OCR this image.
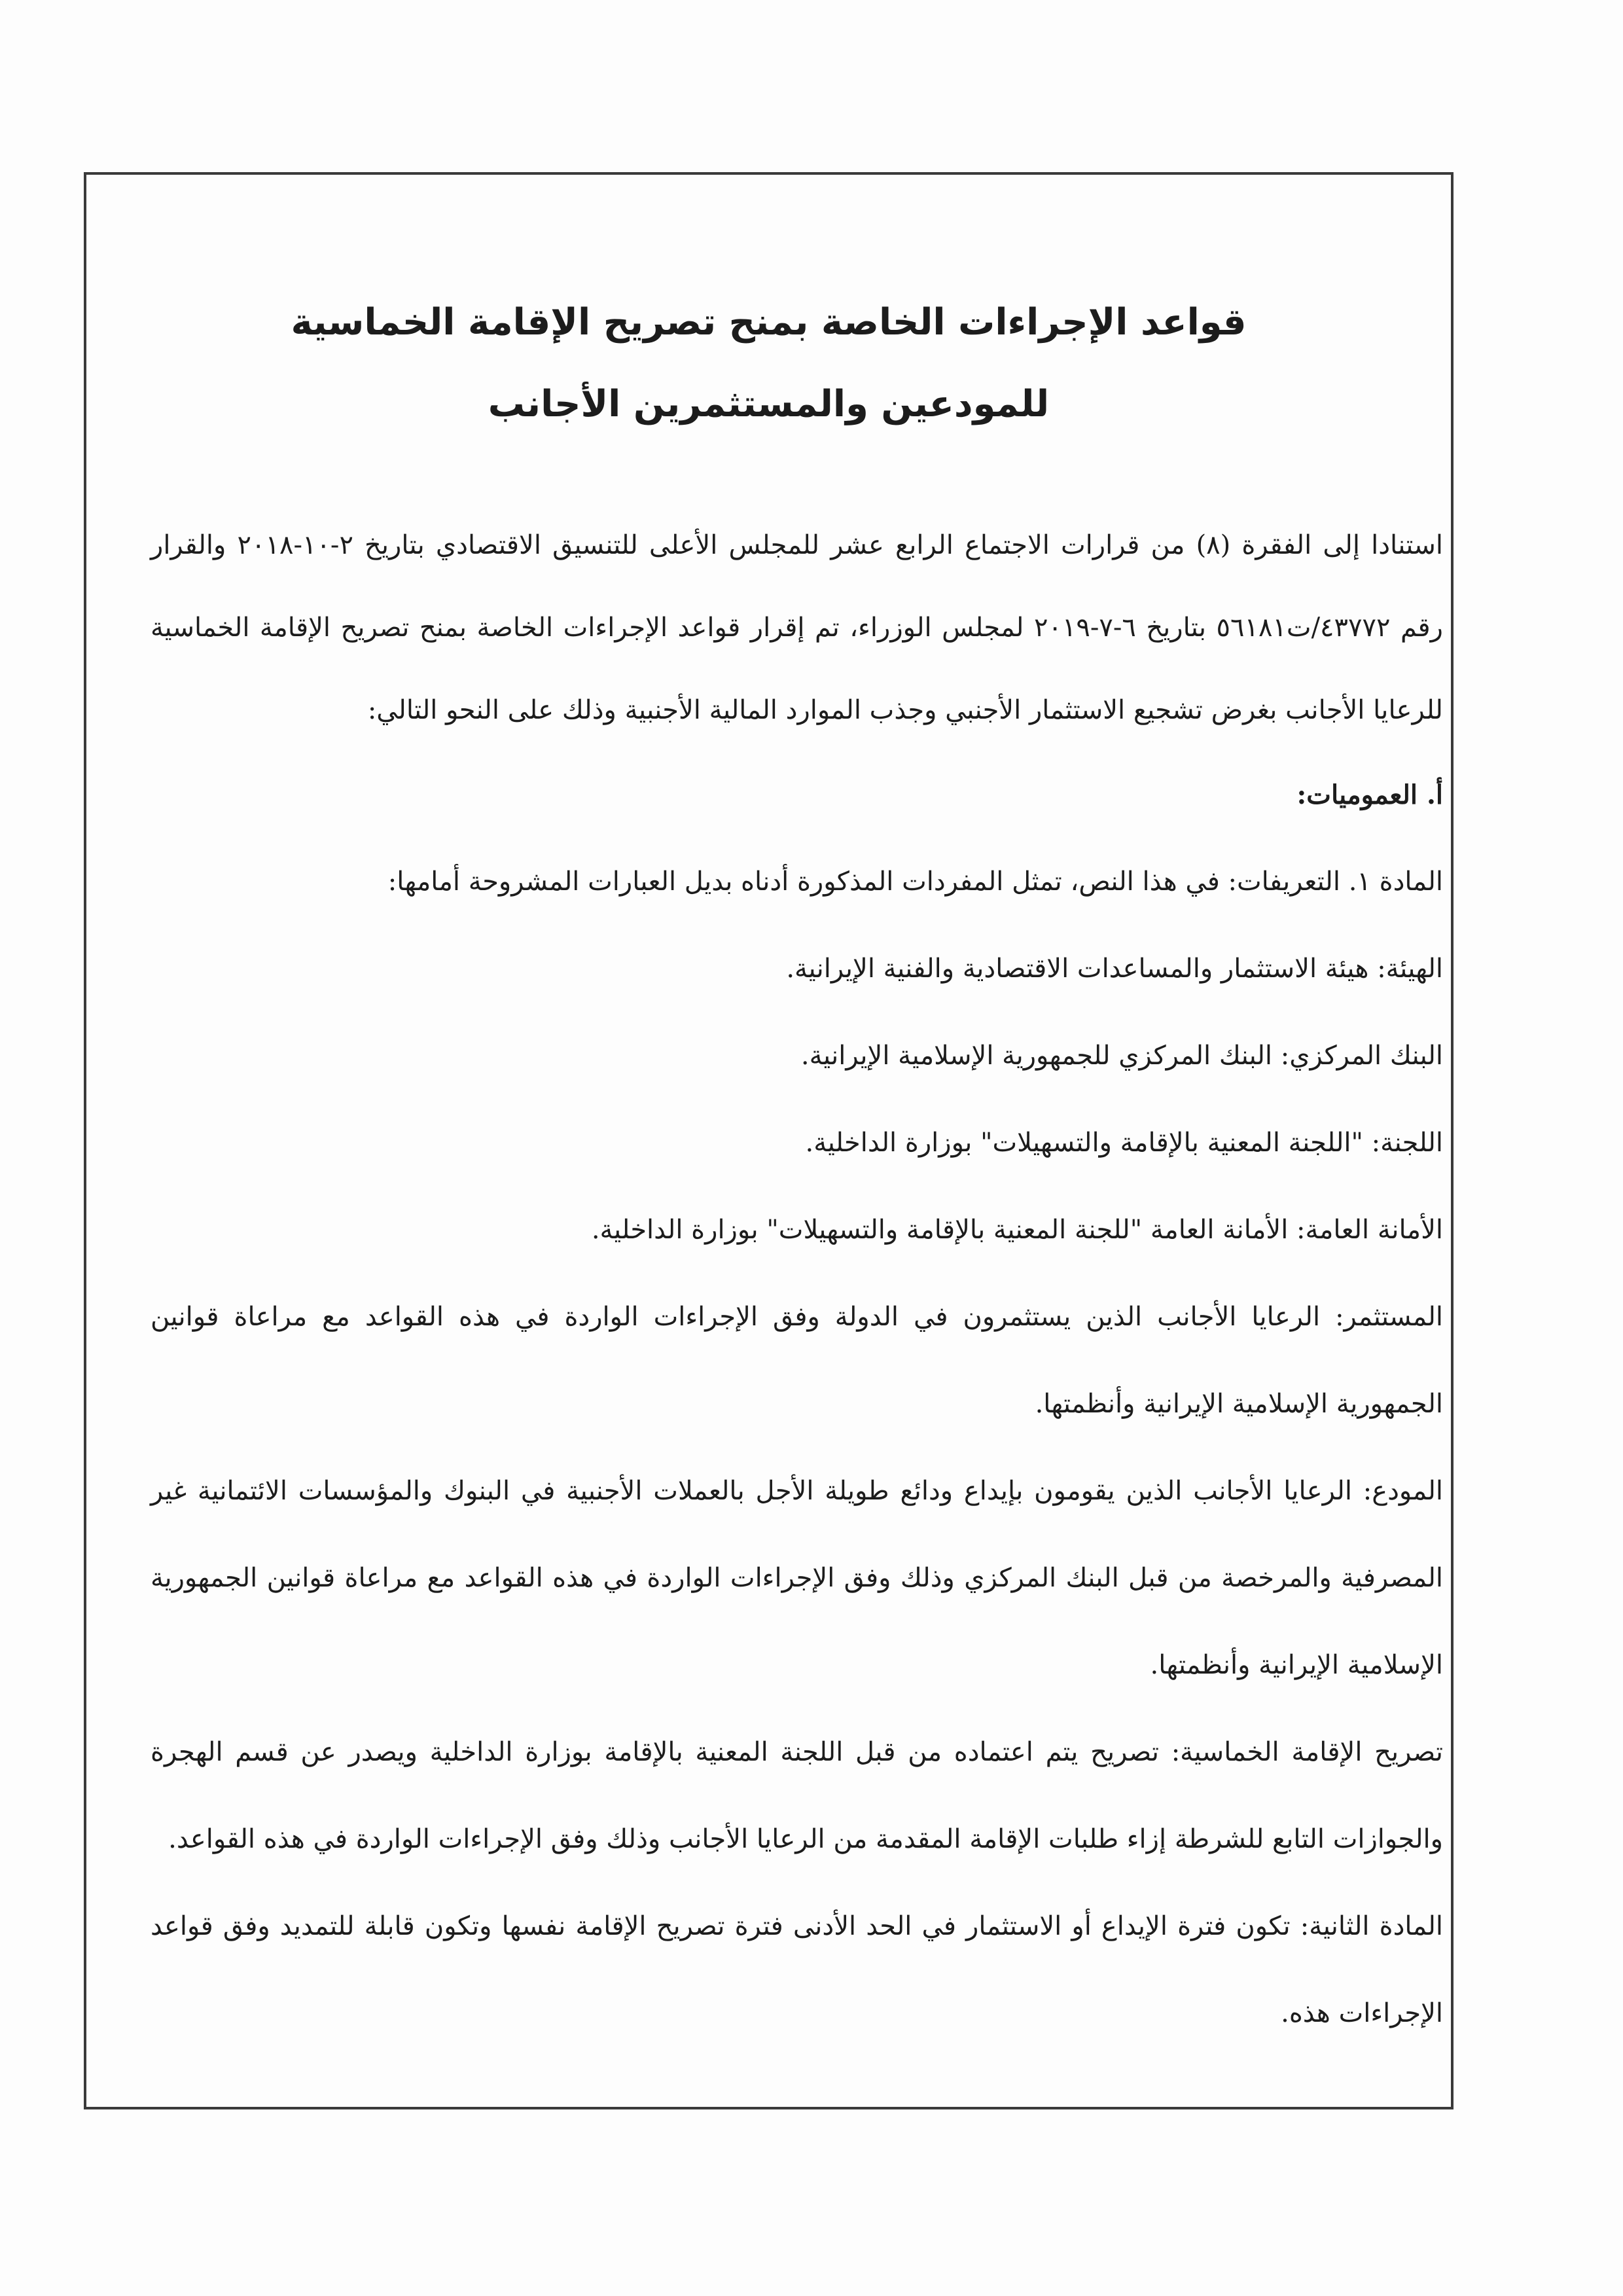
قواعد الإجراءات الخاصة بمنح تصريح الإقامة الخماسية
للمودعين والمستثمرين الأجانب

استنادا إلى الفقرة (٨) من قرارات الاجتماع الرابع عشر للمجلس الأعلى للتنسيق الاقتصادي بتاريخ ٢-١٠-٢٠١٨ والقرار رقم ٤٣٧٧٢/ت٥٦١٨١ بتاريخ ٦-٧-٢٠١٩ لمجلس الوزراء، تم إقرار قواعد الإجراءات الخاصة بمنح تصريح الإقامة الخماسية للرعايا الأجانب بغرض تشجيع الاستثمار الأجنبي وجذب الموارد المالية الأجنبية وذلك على النحو التالي:

أ. العموميات:

المادة ١. التعريفات: في هذا النص، تمثل المفردات المذكورة أدناه بديل العبارات المشروحة أمامها:

الهيئة: هيئة الاستثمار والمساعدات الاقتصادية والفنية الإيرانية.

البنك المركزي: البنك المركزي للجمهورية الإسلامية الإيرانية.

اللجنة: "اللجنة المعنية بالإقامة والتسهيلات" بوزارة الداخلية.

الأمانة العامة: الأمانة العامة "للجنة المعنية بالإقامة والتسهيلات" بوزارة الداخلية.

المستثمر: الرعايا الأجانب الذين يستثمرون في الدولة وفق الإجراءات الواردة في هذه القواعد مع مراعاة قوانين الجمهورية الإسلامية الإيرانية وأنظمتها.

المودع: الرعايا الأجانب الذين يقومون بإيداع ودائع طويلة الأجل بالعملات الأجنبية في البنوك والمؤسسات الائتمانية غير المصرفية والمرخصة من قبل البنك المركزي وذلك وفق الإجراءات الواردة في هذه القواعد مع مراعاة قوانين الجمهورية الإسلامية الإيرانية وأنظمتها.

تصريح الإقامة الخماسية: تصريح يتم اعتماده من قبل اللجنة المعنية بالإقامة بوزارة الداخلية ويصدر عن قسم الهجرة والجوازات التابع للشرطة إزاء طلبات الإقامة المقدمة من الرعايا الأجانب وذلك وفق الإجراءات الواردة في هذه القواعد.

المادة الثانية: تكون فترة الإيداع أو الاستثمار في الحد الأدنى فترة تصريح الإقامة نفسها وتكون قابلة للتمديد وفق قواعد الإجراءات هذه.
